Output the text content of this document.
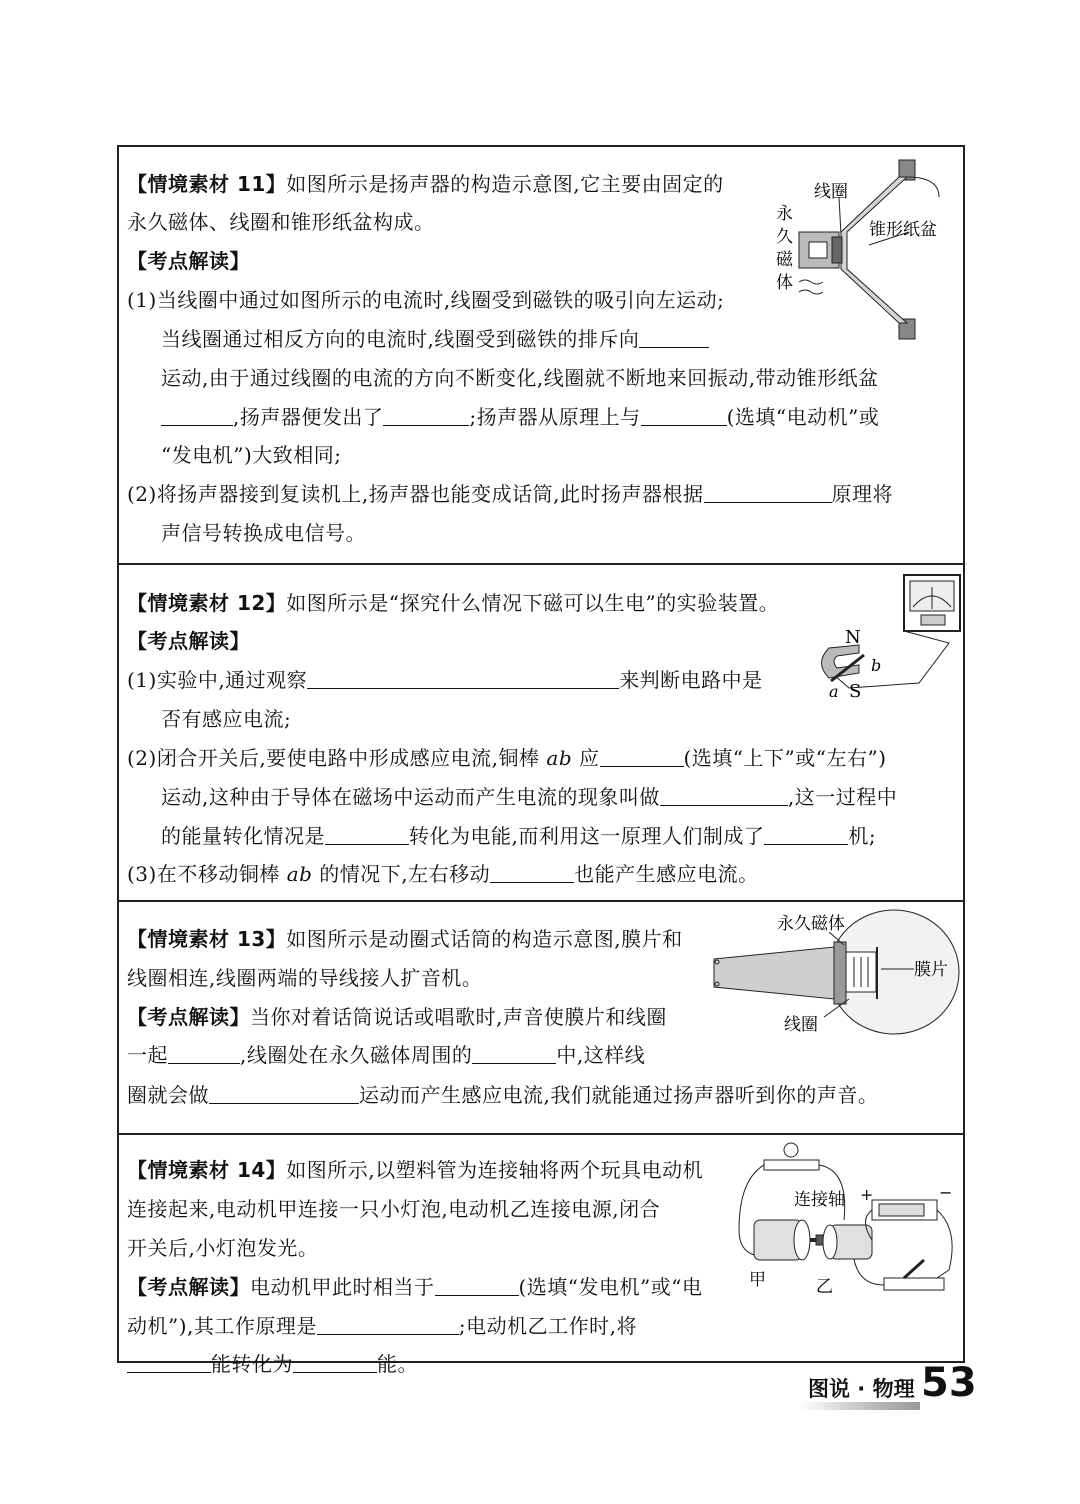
【情境素材 11】如图所示是扬声器的构造示意图,它主要由固定的
永久磁体、线圈和锥形纸盆构成。
【考点解读】
(1)当线圈中通过如图所示的电流时,线圈受到磁铁的吸引向左运动;
当线圈通过相反方向的电流时,线圈受到磁铁的排斥向
运动,由于通过线圈的电流的方向不断变化,线圈就不断地来回振动,带动锥形纸盆
,扬声器便发出了	;扬声器从原理上与	(选填“电动机”或
“发电机”)大致相同;
(2)将扬声器接到复读机上,扬声器也能变成话筒,此时扬声器根据	原理将
声信号转换成电信号。
线圈
锥形纸盆
永
久
磁
体
【情境素材 12】如图所示是“探究什么情况下磁可以生电”的实验装置。
【考点解读】
(1)实验中,通过观察	来判断电路中是
否有感应电流;
(2)闭合开关后,要使电路中形成感应电流,铜棒 ab 应	(选填“上下”或“左右”)
运动,这种由于导体在磁场中运动而产生电流的现象叫做	,这一过程中
的能量转化情况是	转化为电能,而利用这一原理人们制成了	机;
(3)在不移动铜棒 ab 的情况下,左右移动	也能产生感应电流。
N
S
a
b
【情境素材 13】如图所示是动圈式话筒的构造示意图,膜片和
线圈相连,线圈两端的导线接人扩音机。
【考点解读】当你对着话筒说话或唱歌时,声音使膜片和线圈
一起	,线圈处在永久磁体周围的	中,这样线
圈就会做	运动而产生感应电流,我们就能通过扬声器听到你的声音。
永久磁体
膜片
线圈
【情境素材 14】如图所示,以塑料管为连接轴将两个玩具电动机
连接起来,电动机甲连接一只小灯泡,电动机乙连接电源,闭合
开关后,小灯泡发光。
【考点解读】电动机甲此时相当于	(选填“发电机”或“电
动机”),其工作原理是	;电动机乙工作时,将
能转化为	能。
连接轴 +	−
甲	乙
图说 · 物理 53
